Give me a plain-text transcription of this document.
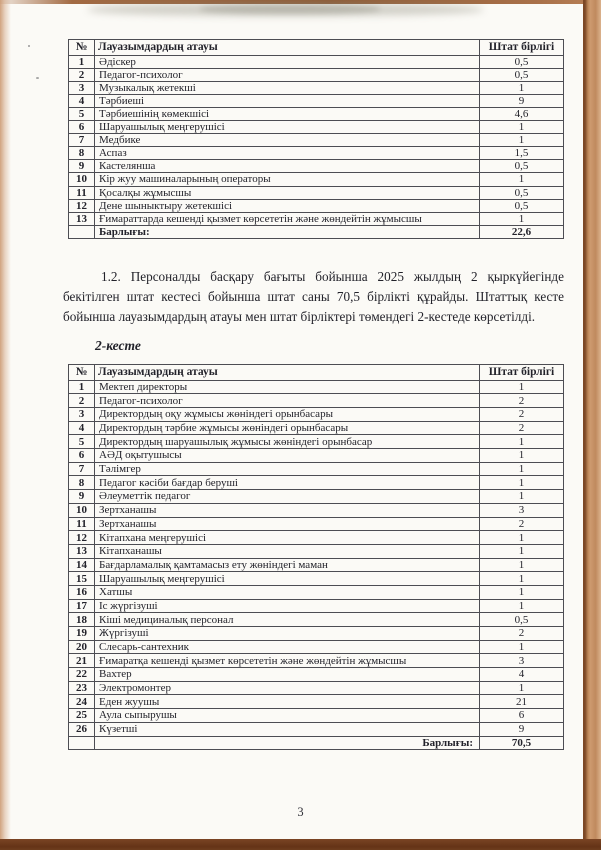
№	Лауазымдардың атауы	Штат бірлігі
1	Әдіскер	0,5
2	Педагог-психолог	0,5
3	Музыкалық жетекші	1
4	Тәрбиеші	9
5	Тәрбиешінің көмекшісі	4,6
6	Шаруашылық меңгерушісі	1
7	Медбике	1
8	Аспаз	1,5
9	Кастелянша	0,5
10	Кір жуу машиналарының операторы	1
11	Қосалқы жұмысшы	0,5
12	Дене шыныктыру жетекшісі	0,5
13	Ғимараттарда кешенді қызмет көрсететін және жөндейтін жұмысшы	1
	Барлығы:	22,6

1.2. Персоналды басқару бағыты бойынша 2025 жылдың 2 қыркүйегінде бекітілген штат кестесі бойынша штат саны 70,5 бірлікті құрайды. Штаттық кесте бойынша лауазымдардың атауы мен штат бірліктері төмендегі 2-кестеде көрсетілді.

2-кесте
№	Лауазымдардың атауы	Штат бірлігі
1	Мектеп директоры	1
2	Педагог-психолог	2
3	Директордың оқу жұмысы жөніндегі орынбасары	2
4	Директордың тәрбие жұмысы жөніндегі орынбасары	2
5	Директордың шаруашылық жұмысы жөніндегі орынбасар	1
6	АӘД оқытушысы	1
7	Тәлімгер	1
8	Педагог кәсіби бағдар беруші	1
9	Әлеуметтік педагог	1
10	Зертханашы	3
11	Зертханашы	2
12	Кітапхана меңгерушісі	1
13	Кітапханашы	1
14	Бағдарламалық қамтамасыз ету жөніндегі маман	1
15	Шаруашылық меңгерушісі	1
16	Хатшы	1
17	Іс жүргізуші	1
18	Кіші медициналық персонал	0,5
19	Жүргізуші	2
20	Слесарь-сантехник	1
21	Ғимаратқа кешенді қызмет көрсететін және жөндейтін жұмысшы	3
22	Вахтер	4
23	Электромонтер	1
24	Еден жуушы	21
25	Аула сыпырушы	6
26	Күзетші	9
	Барлығы:	70,5
3
